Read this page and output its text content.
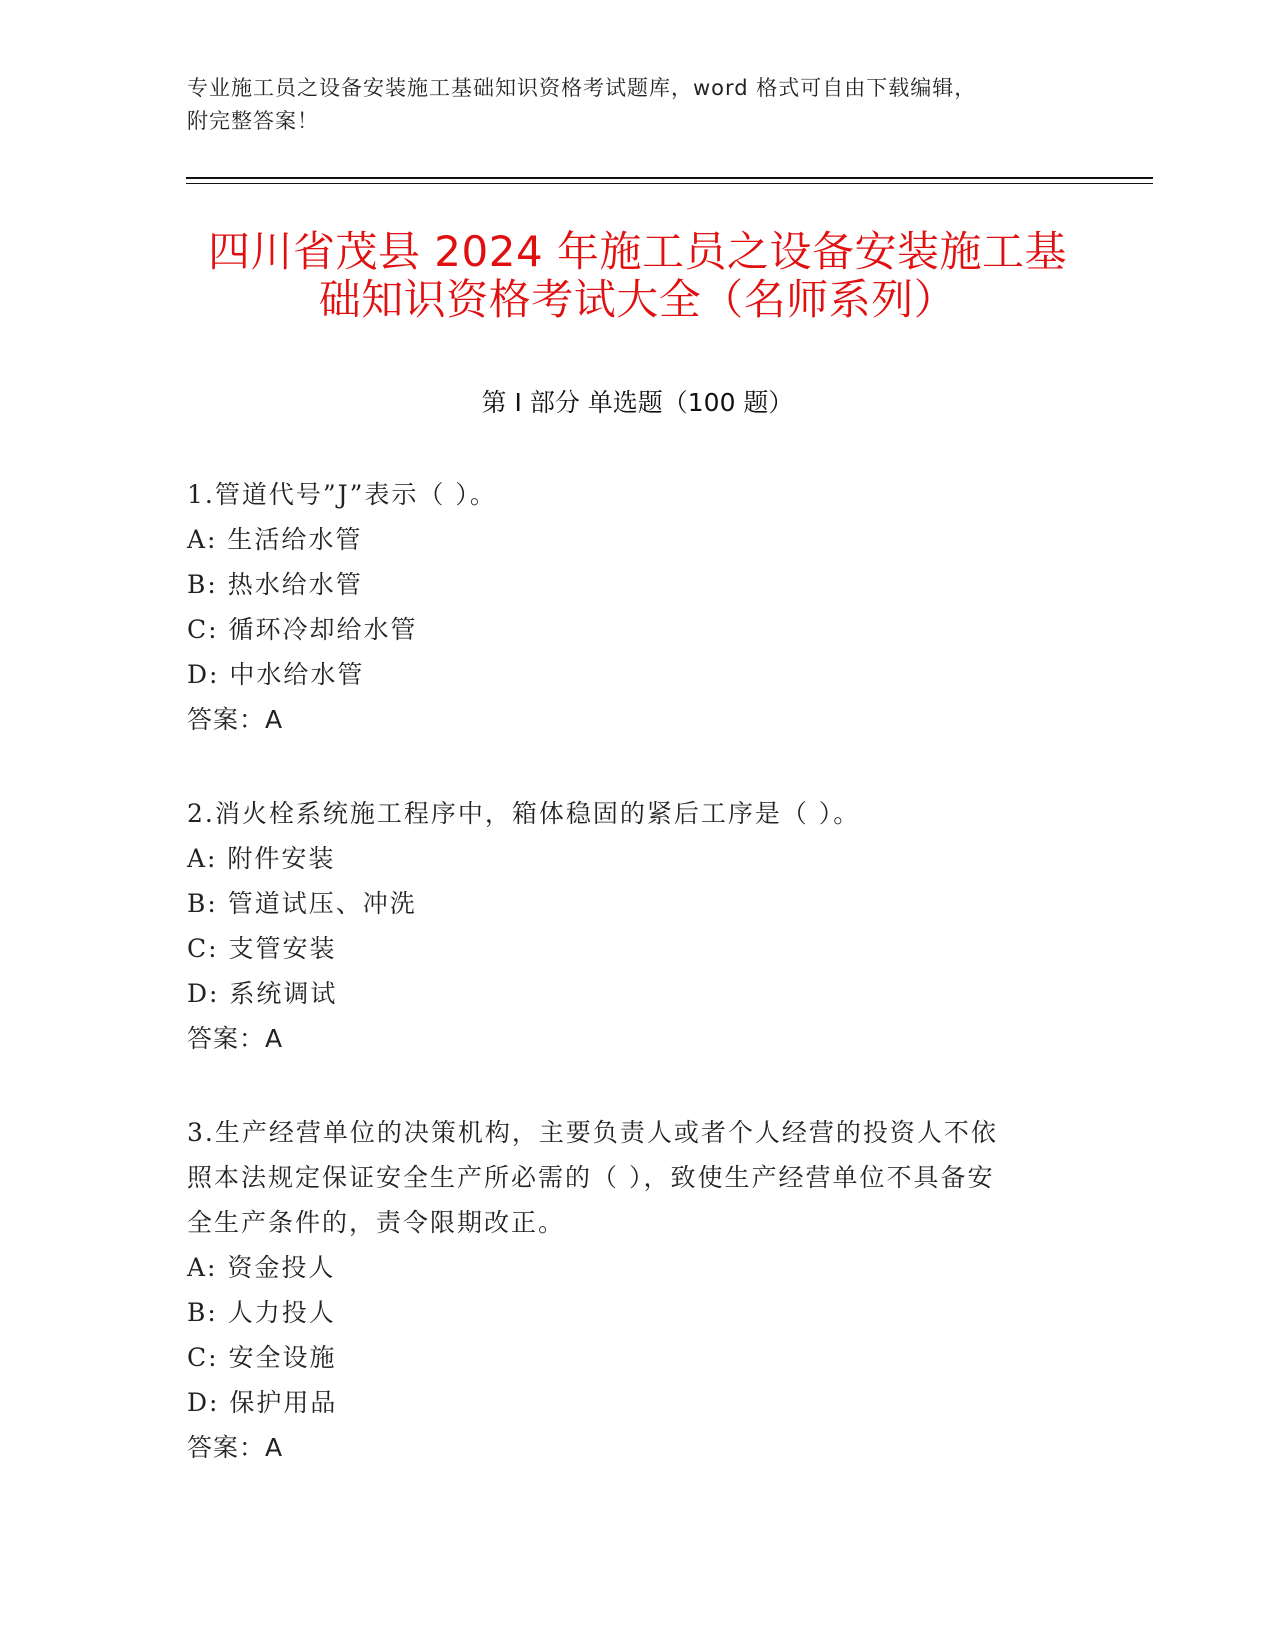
专业施工员之设备安装施工基础知识资格考试题库，word 格式可自由下载编辑，
附完整答案！
四川省茂县 2024 年施工员之设备安装施工基
础知识资格考试大全（名师系列）
第 I 部分 单选题（100 题）
1.管道代号”J”表示（ ）。
A: 生活给水管
B: 热水给水管
C: 循环冷却给水管
D: 中水给水管
答案：A
2.消火栓系统施工程序中，箱体稳固的紧后工序是（ ）。
A: 附件安装
B: 管道试压、冲洗
C: 支管安装
D: 系统调试
答案：A
3.生产经营单位的决策机构，主要负责人或者个人经营的投资人不依
照本法规定保证安全生产所必需的（ ），致使生产经营单位不具备安
全生产条件的，责令限期改正。
A: 资金投人
B: 人力投人
C: 安全设施
D: 保护用品
答案：A
